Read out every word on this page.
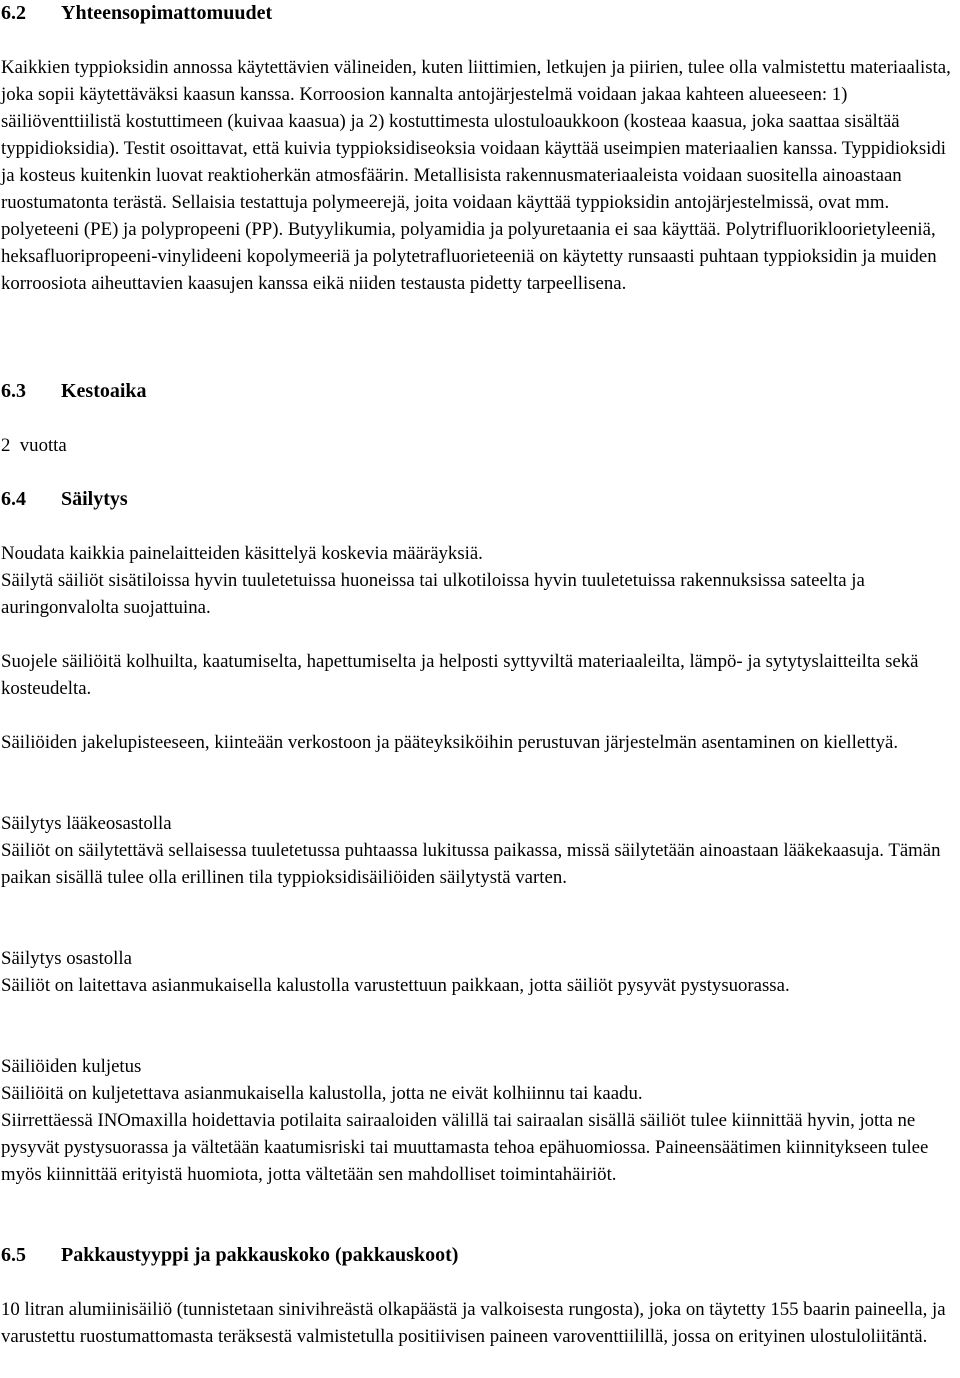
6.2 Yhteensopimattomuudet

Kaikkien typpioksidin annossa käytettävien välineiden, kuten liittimien, letkujen ja piirien, tulee olla valmistettu materiaalista, joka sopii käytettäväksi kaasun kanssa. Korroosion kannalta antojärjestelmä voidaan jakaa kahteen alueeseen: 1) säiliöventtiilistä kostuttimeen (kuivaa kaasua) ja 2) kostuttimesta ulostuloaukkoon (kosteaa kaasua, joka saattaa sisältää typpidioksidia). Testit osoittavat, että kuivia typpioksidiseoksia voidaan käyttää useimpien materiaalien kanssa. Typpidioksidi ja kosteus kuitenkin luovat reaktioherkän atmosfäärin. Metallisista rakennusmateriaaleista voidaan suositella ainoastaan ruostumatonta terästä. Sellaisia testattuja polymeerejä, joita voidaan käyttää typpioksidin antojärjestelmissä, ovat mm. polyeteeni (PE) ja polypropeeni (PP). Butyylikumia, polyamidia ja polyuretaania ei saa käyttää. Polytrifluorikloorietyleeniä, heksafluoripropeeni-vinylideeni kopolymeeriä ja polytetrafluorieteeniä on käytetty runsaasti puhtaan typpioksidin ja muiden korroosiota aiheuttavien kaasujen kanssa eikä niiden testausta pidetty tarpeellisena.

6.3 Kestoaika

2  vuotta

6.4 Säilytys

Noudata kaikkia painelaitteiden käsittelyä koskevia määräyksiä.

Säilytä säiliöt sisätiloissa hyvin tuuletetuissa huoneissa tai ulkotiloissa hyvin tuuletetuissa rakennuksissa sateelta ja auringonvalolta suojattuina.

Suojele säiliöitä kolhuilta, kaatumiselta, hapettumiselta ja helposti syttyviltä materiaaleilta, lämpö- ja sytytyslaitteilta sekä kosteudelta.

Säiliöiden jakelupisteeseen, kiinteään verkostoon ja pääteyksiköihin perustuvan järjestelmän asentaminen on kiellettyä.

Säilytys lääkeosastolla

Säiliöt on säilytettävä sellaisessa tuuletetussa puhtaassa lukitussa paikassa, missä säilytetään ainoastaan lääkekaasuja. Tämän paikan sisällä tulee olla erillinen tila typpioksidisäiliöiden säilytystä varten.

Säilytys osastolla

Säiliöt on laitettava asianmukaisella kalustolla varustettuun paikkaan, jotta säiliöt pysyvät pystysuorassa.

Säiliöiden kuljetus

Säiliöitä on kuljetettava asianmukaisella kalustolla, jotta ne eivät kolhiinnu tai kaadu.

Siirrettäessä INOmaxilla hoidettavia potilaita sairaaloiden välillä tai sairaalan sisällä säiliöt tulee kiinnittää hyvin, jotta ne pysyvät pystysuorassa ja vältetään kaatumisriski tai muuttamasta tehoa epähuomiossa. Paineensäätimen kiinnitykseen tulee myös kiinnittää erityistä huomiota, jotta vältetään sen mahdolliset toimintahäiriöt.

6.5 Pakkaustyyppi ja pakkauskoko (pakkauskoot)

10 litran alumiinisäiliö (tunnistetaan sinivihreästä olkapäästä ja valkoisesta rungosta), joka on täytetty 155 baarin paineella, ja varustettu ruostumattomasta teräksestä valmistetulla positiivisen paineen varoventtiilillä, jossa on erityinen ulostuloliitäntä.
